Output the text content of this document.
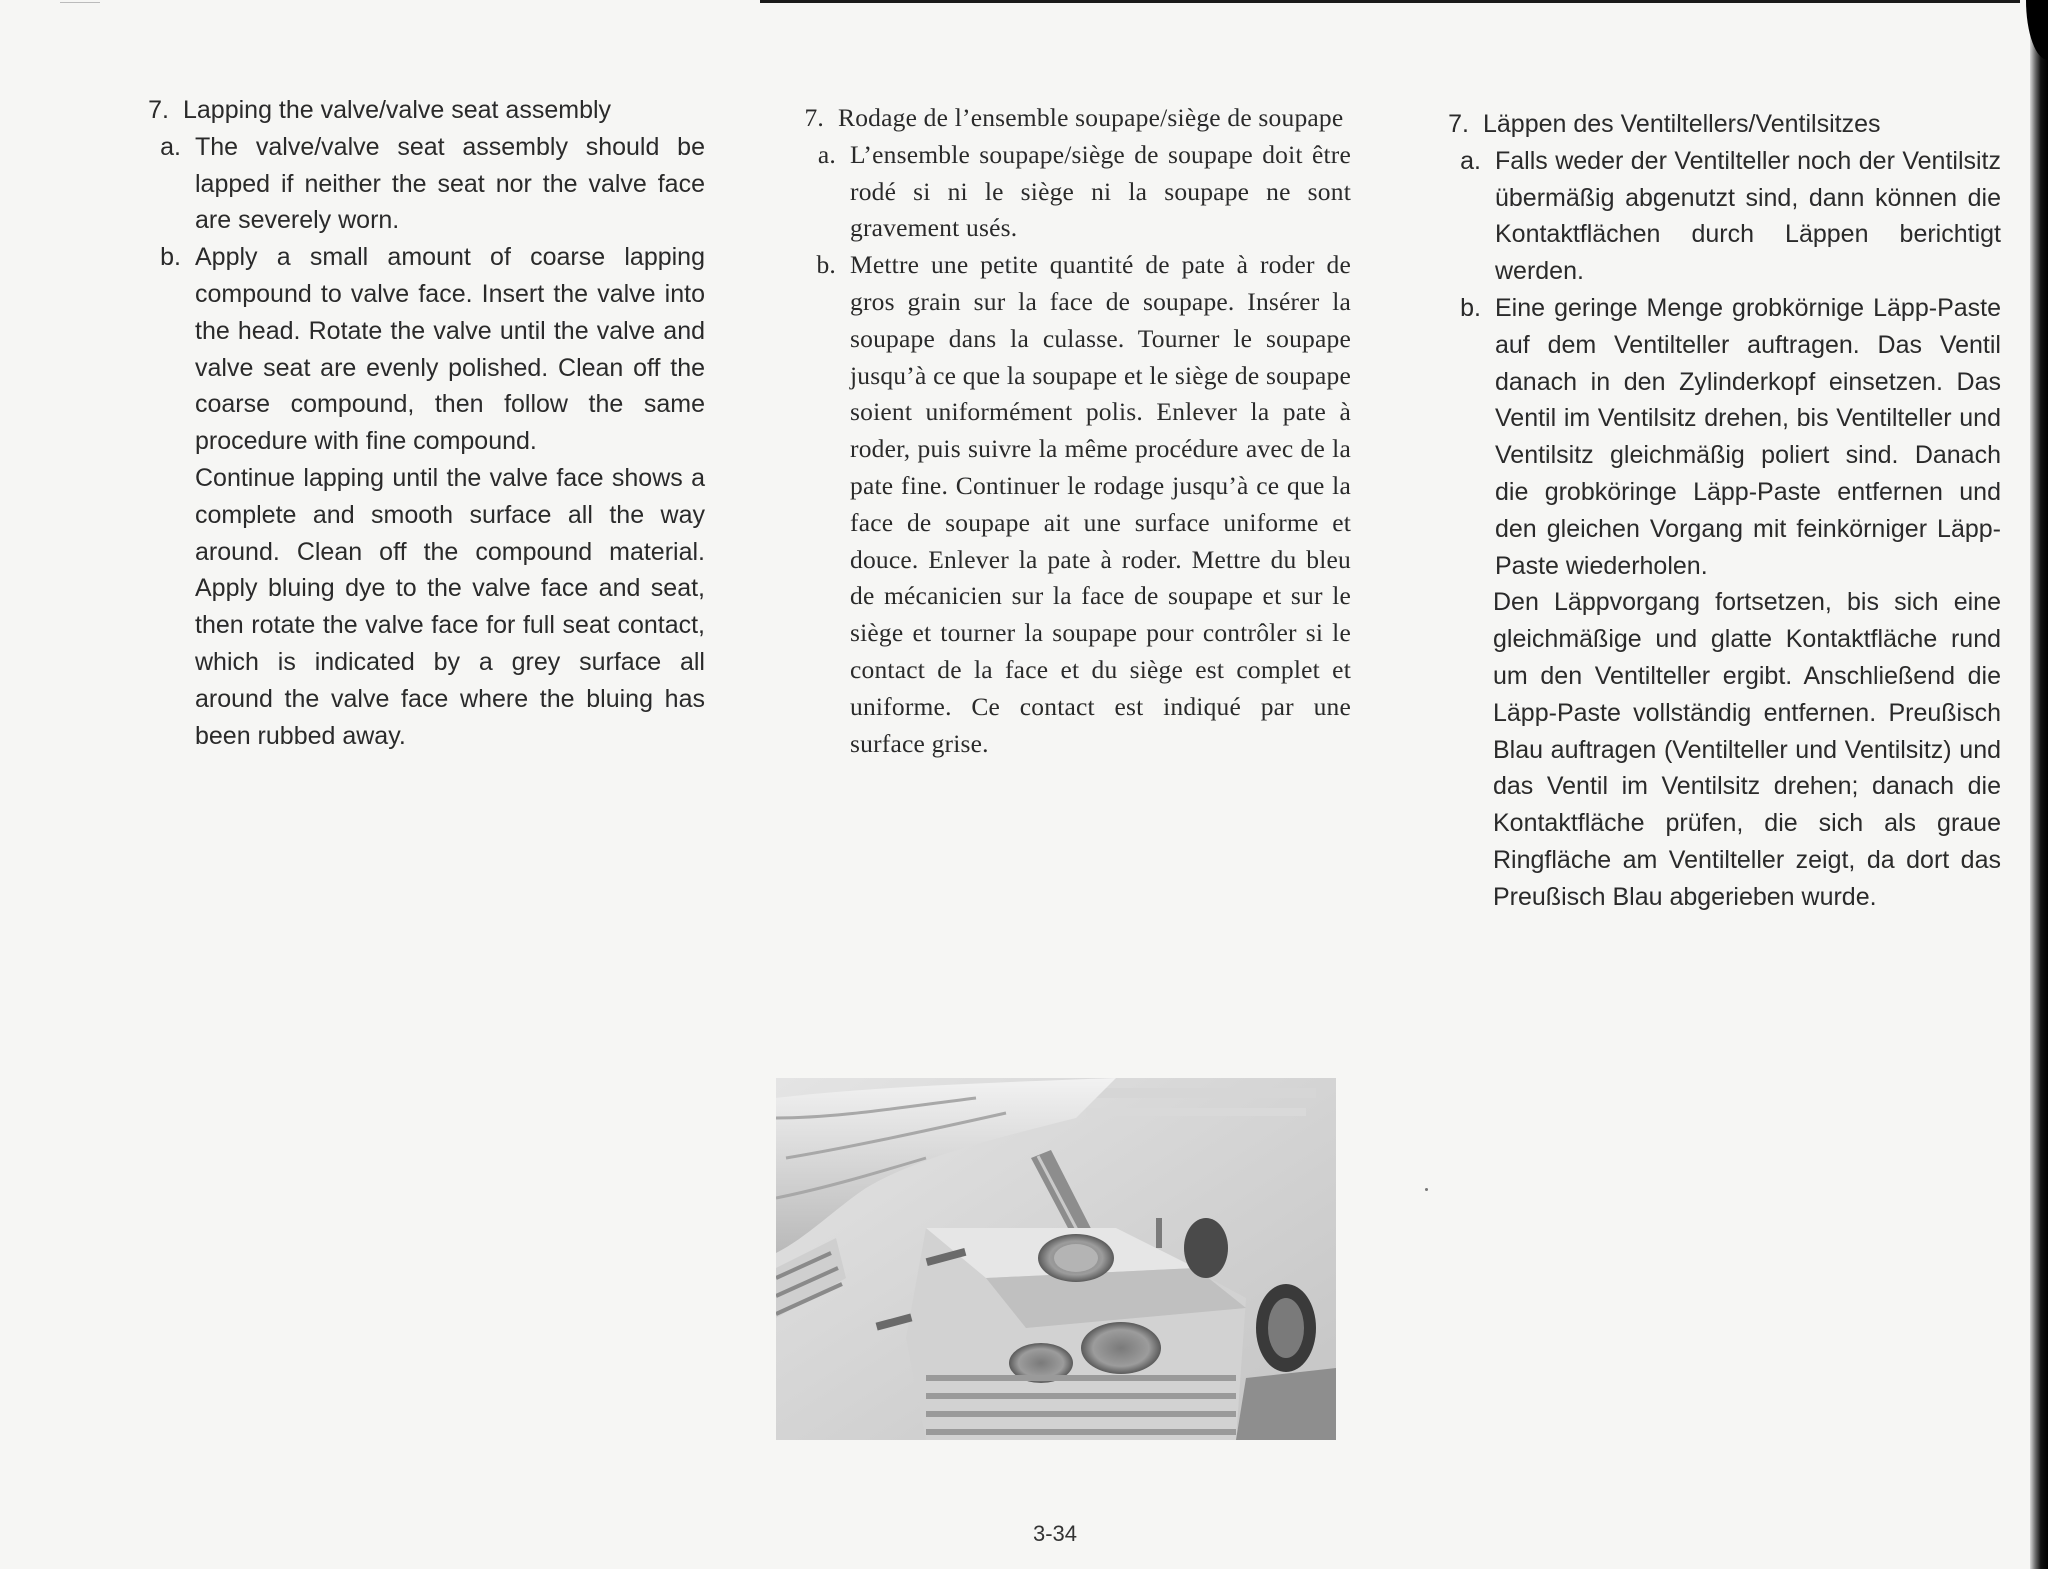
7. Lapping the valve/valve seat assembly
a. The valve/valve seat assembly should be lapped if neither the seat nor the valve face are severely worn.
b. Apply a small amount of coarse lapping compound to valve face. Insert the valve into the head. Rotate the valve until the valve and valve seat are evenly polished. Clean off the coarse compound, then follow the same procedure with fine compound.
Continue lapping until the valve face shows a complete and smooth surface all the way around. Clean off the compound material. Apply bluing dye to the valve face and seat, then rotate the valve face for full seat contact, which is indicated by a grey surface all around the valve face where the bluing has been rubbed away.
7. Rodage de l’ensemble soupape/siège de soupape
a. L’ensemble soupape/siège de soupape doit être rodé si ni le siège ni la soupape ne sont gravement usés.
b. Mettre une petite quantité de pate à roder de gros grain sur la face de soupape. Insérer la soupape dans la culasse. Tourner le soupape jusqu’à ce que la soupape et le siège de soupape soient uniformément polis. Enlever la pate à roder, puis suivre la même procédure avec de la pate fine. Continuer le rodage jusqu’à ce que la face de soupape ait une surface uniforme et douce. Enlever la pate à roder. Mettre du bleu de mécanicien sur la face de soupape et sur le siège et tourner la soupape pour contrôler si le contact de la face et du siège est complet et uniforme. Ce contact est indiqué par une surface grise.
7. Läppen des Ventiltellers/Ventilsitzes
a. Falls weder der Ventilteller noch der Ventilsitz übermäßig abgenutzt sind, dann können die Kontaktflächen durch Läppen berichtigt werden.
b. Eine geringe Menge grobkörnige Läpp-Paste auf dem Ventilteller auftragen. Das Ventil danach in den Zylinderkopf einsetzen. Das Ventil im Ventilsitz drehen, bis Ventilteller und Ventilsitz gleichmäßig poliert sind. Danach die grobköringe Läpp-Paste entfernen und den gleichen Vorgang mit feinkörniger Läpp-Paste wiederholen.
Den Läppvorgang fortsetzen, bis sich eine gleichmäßige und glatte Kontaktfläche rund um den Ventilteller ergibt. Anschließend die Läpp-Paste vollständig entfernen. Preußisch Blau auftragen (Ventilteller und Ventilsitz) und das Ventil im Ventilsitz drehen; danach die Kontaktfläche prüfen, die sich als graue Ringfläche am Ventilteller zeigt, da dort das Preußisch Blau abgerieben wurde.
3-34
